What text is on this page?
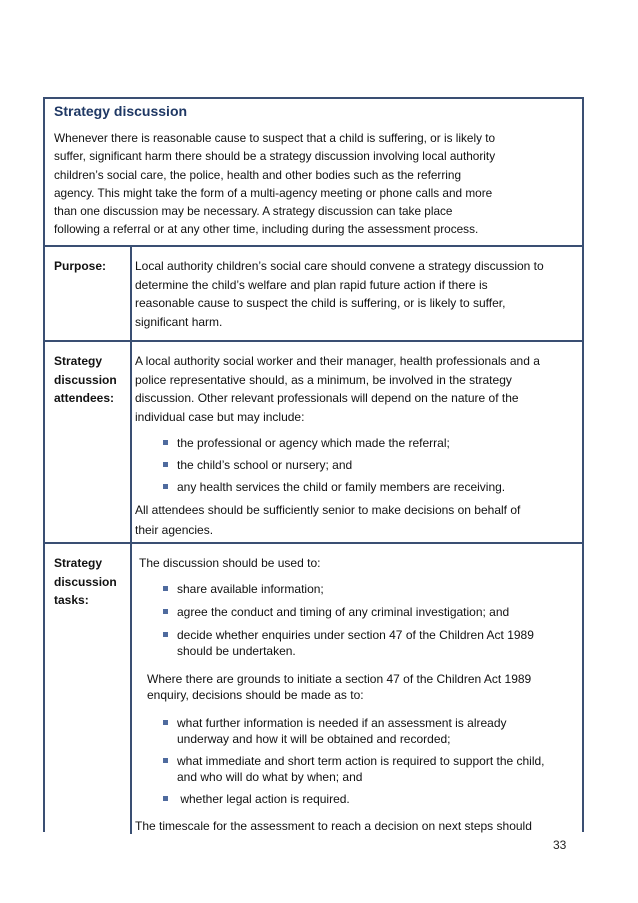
Strategy discussion
Whenever there is reasonable cause to suspect that a child is suffering, or is likely to
suffer, significant harm there should be a strategy discussion involving local authority
children’s social care, the police, health and other bodies such as the referring
agency. This might take the form of a multi-agency meeting or phone calls and more
than one discussion may be necessary. A strategy discussion can take place
following a referral or at any other time, including during the assessment process.
Purpose: Local authority children’s social care should convene a strategy discussion to
determine the child’s welfare and plan rapid future action if there is
reasonable cause to suspect the child is suffering, or is likely to suffer,
significant harm.
Strategy
discussion
attendees:
A local authority social worker and their manager, health professionals and a
police representative should, as a minimum, be involved in the strategy
discussion. Other relevant professionals will depend on the nature of the
individual case but may include:
the professional or agency which made the referral;
the child’s school or nursery; and
any health services the child or family members are receiving.
All attendees should be sufficiently senior to make decisions on behalf of
their agencies.
Strategy
discussion
tasks:
The discussion should be used to:
share available information;
agree the conduct and timing of any criminal investigation; and
decide whether enquiries under section 47 of the Children Act 1989 should be undertaken.
Where there are grounds to initiate a section 47 of the Children Act 1989
enquiry, decisions should be made as to:
what further information is needed if an assessment is already underway and how it will be obtained and recorded;
what immediate and short term action is required to support the child, and who will do what by when; and
whether legal action is required.
The timescale for the assessment to reach a decision on next steps should
33
